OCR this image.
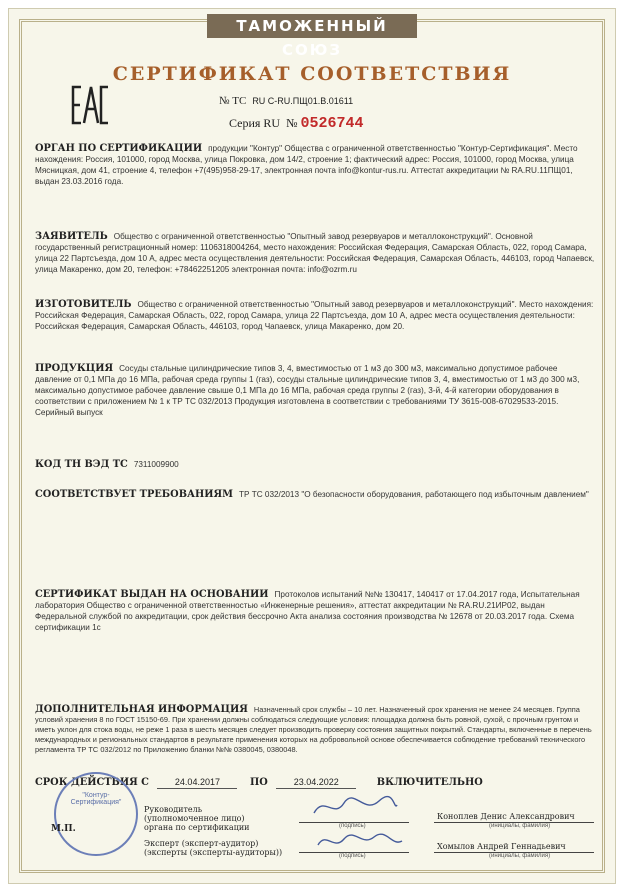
ТАМОЖЕННЫЙ СОЮЗ
СЕРТИФИКАТ СООТВЕТСТВИЯ
№ ТС RU C-RU.ПЩ01.В.01611
Серия RU № 0526744
ОРГАН ПО СЕРТИФИКАЦИИ продукции "Контур" Общества с ограниченной ответственностью "Контур-Сертификация". Место нахождения: Россия, 101000, город Москва, улица Покровка, дом 14/2, строение 1; фактический адрес: Россия, 101000, город Москва, улица Мясницкая, дом 41, строение 4, телефон +7(495)958-29-17, электронная почта info@kontur-rus.ru. Аттестат аккредитации № RA.RU.11ПЩ01, выдан 23.03.2016 года.
ЗАЯВИТЕЛЬ Общество с ограниченной ответственностью "Опытный завод резервуаров и металлоконструкций". Основной государственный регистрационный номер: 1106318004264, место нахождения: Российская Федерация, Самарская Область, 022, город Самара, улица 22 Партсъезда, дом 10 А, адрес места осуществления деятельности: Российская Федерация, Самарская Область, 446103, город Чапаевск, улица Макаренко, дом 20, телефон: +78462251205 электронная почта: info@ozrm.ru
ИЗГОТОВИТЕЛЬ Общество с ограниченной ответственностью "Опытный завод резервуаров и металлоконструкций". Место нахождения: Российская Федерация, Самарская Область, 022, город Самара, улица 22 Партсъезда, дом 10 А, адрес места осуществления деятельности: Российская Федерация, Самарская Область, 446103, город Чапаевск, улица Макаренко, дом 20.
ПРОДУКЦИЯ Сосуды стальные цилиндрические типов 3, 4, вместимостью от 1 м3 до 300 м3, максимально допустимое рабочее давление от 0,1 МПа до 16 МПа, рабочая среда группы 1 (газ), сосуды стальные цилиндрические типов 3, 4, вместимостью от 1 м3 до 300 м3, максимально допустимое рабочее давление свыше 0,1 МПа до 16 МПа, рабочая среда группы 2 (газ), 3-й, 4-й категории оборудования в соответствии с приложением № 1 к ТР ТС 032/2013 Продукция изготовлена в соответствии с требованиями ТУ 3615-008-67029533-2015. Серийный выпуск
КОД ТН ВЭД ТС 7311009900
СООТВЕТСТВУЕТ ТРЕБОВАНИЯМ ТР ТС 032/2013 "О безопасности оборудования, работающего под избыточным давлением"
СЕРТИФИКАТ ВЫДАН НА ОСНОВАНИИ Протоколов испытаний №№ 130417, 140417 от 17.04.2017 года, Испытательная лаборатория Общество с ограниченной ответственностью «Инженерные решения», аттестат аккредитации № RA.RU.21ИР02, выдан Федеральной службой по аккредитации, срок действия бессрочно Акта анализа состояния производства № 12678 от 20.03.2017 года. Схема сертификации 1с
ДОПОЛНИТЕЛЬНАЯ ИНФОРМАЦИЯ Назначенный срок службы – 10 лет. Назначенный срок хранения не менее 24 месяцев. Группа условий хранения 8 по ГОСТ 15150-69. При хранении должны соблюдаться следующие условия: площадка должна быть ровной, сухой, с прочным грунтом и иметь уклон для стока воды, не реже 1 раза в шесть месяцев следует производить проверку состояния защитных покрытий. Стандарты, включенные в перечень международных и региональных стандартов в результате применения которых на добровольной основе обеспечивается соблюдение требований технического регламента ТР ТС 032/2012 по Приложению бланки №№ 0380045, 0380048.
СРОК ДЕЙСТВИЯ С	24.04.2017	ПО	23.04.2022	ВКЛЮЧИТЕЛЬНО
"Контур-
Сертификация"
М.П.
Руководитель (уполномоченное лицо) органа по сертификации	(подпись)
Коноплев Денис Александрович
(инициалы, фамилия)
Эксперт (эксперт-аудитор) (эксперты (эксперты-аудиторы))	(подпись)
Хомылов Андрей Геннадьевич
(инициалы, фамилия)
